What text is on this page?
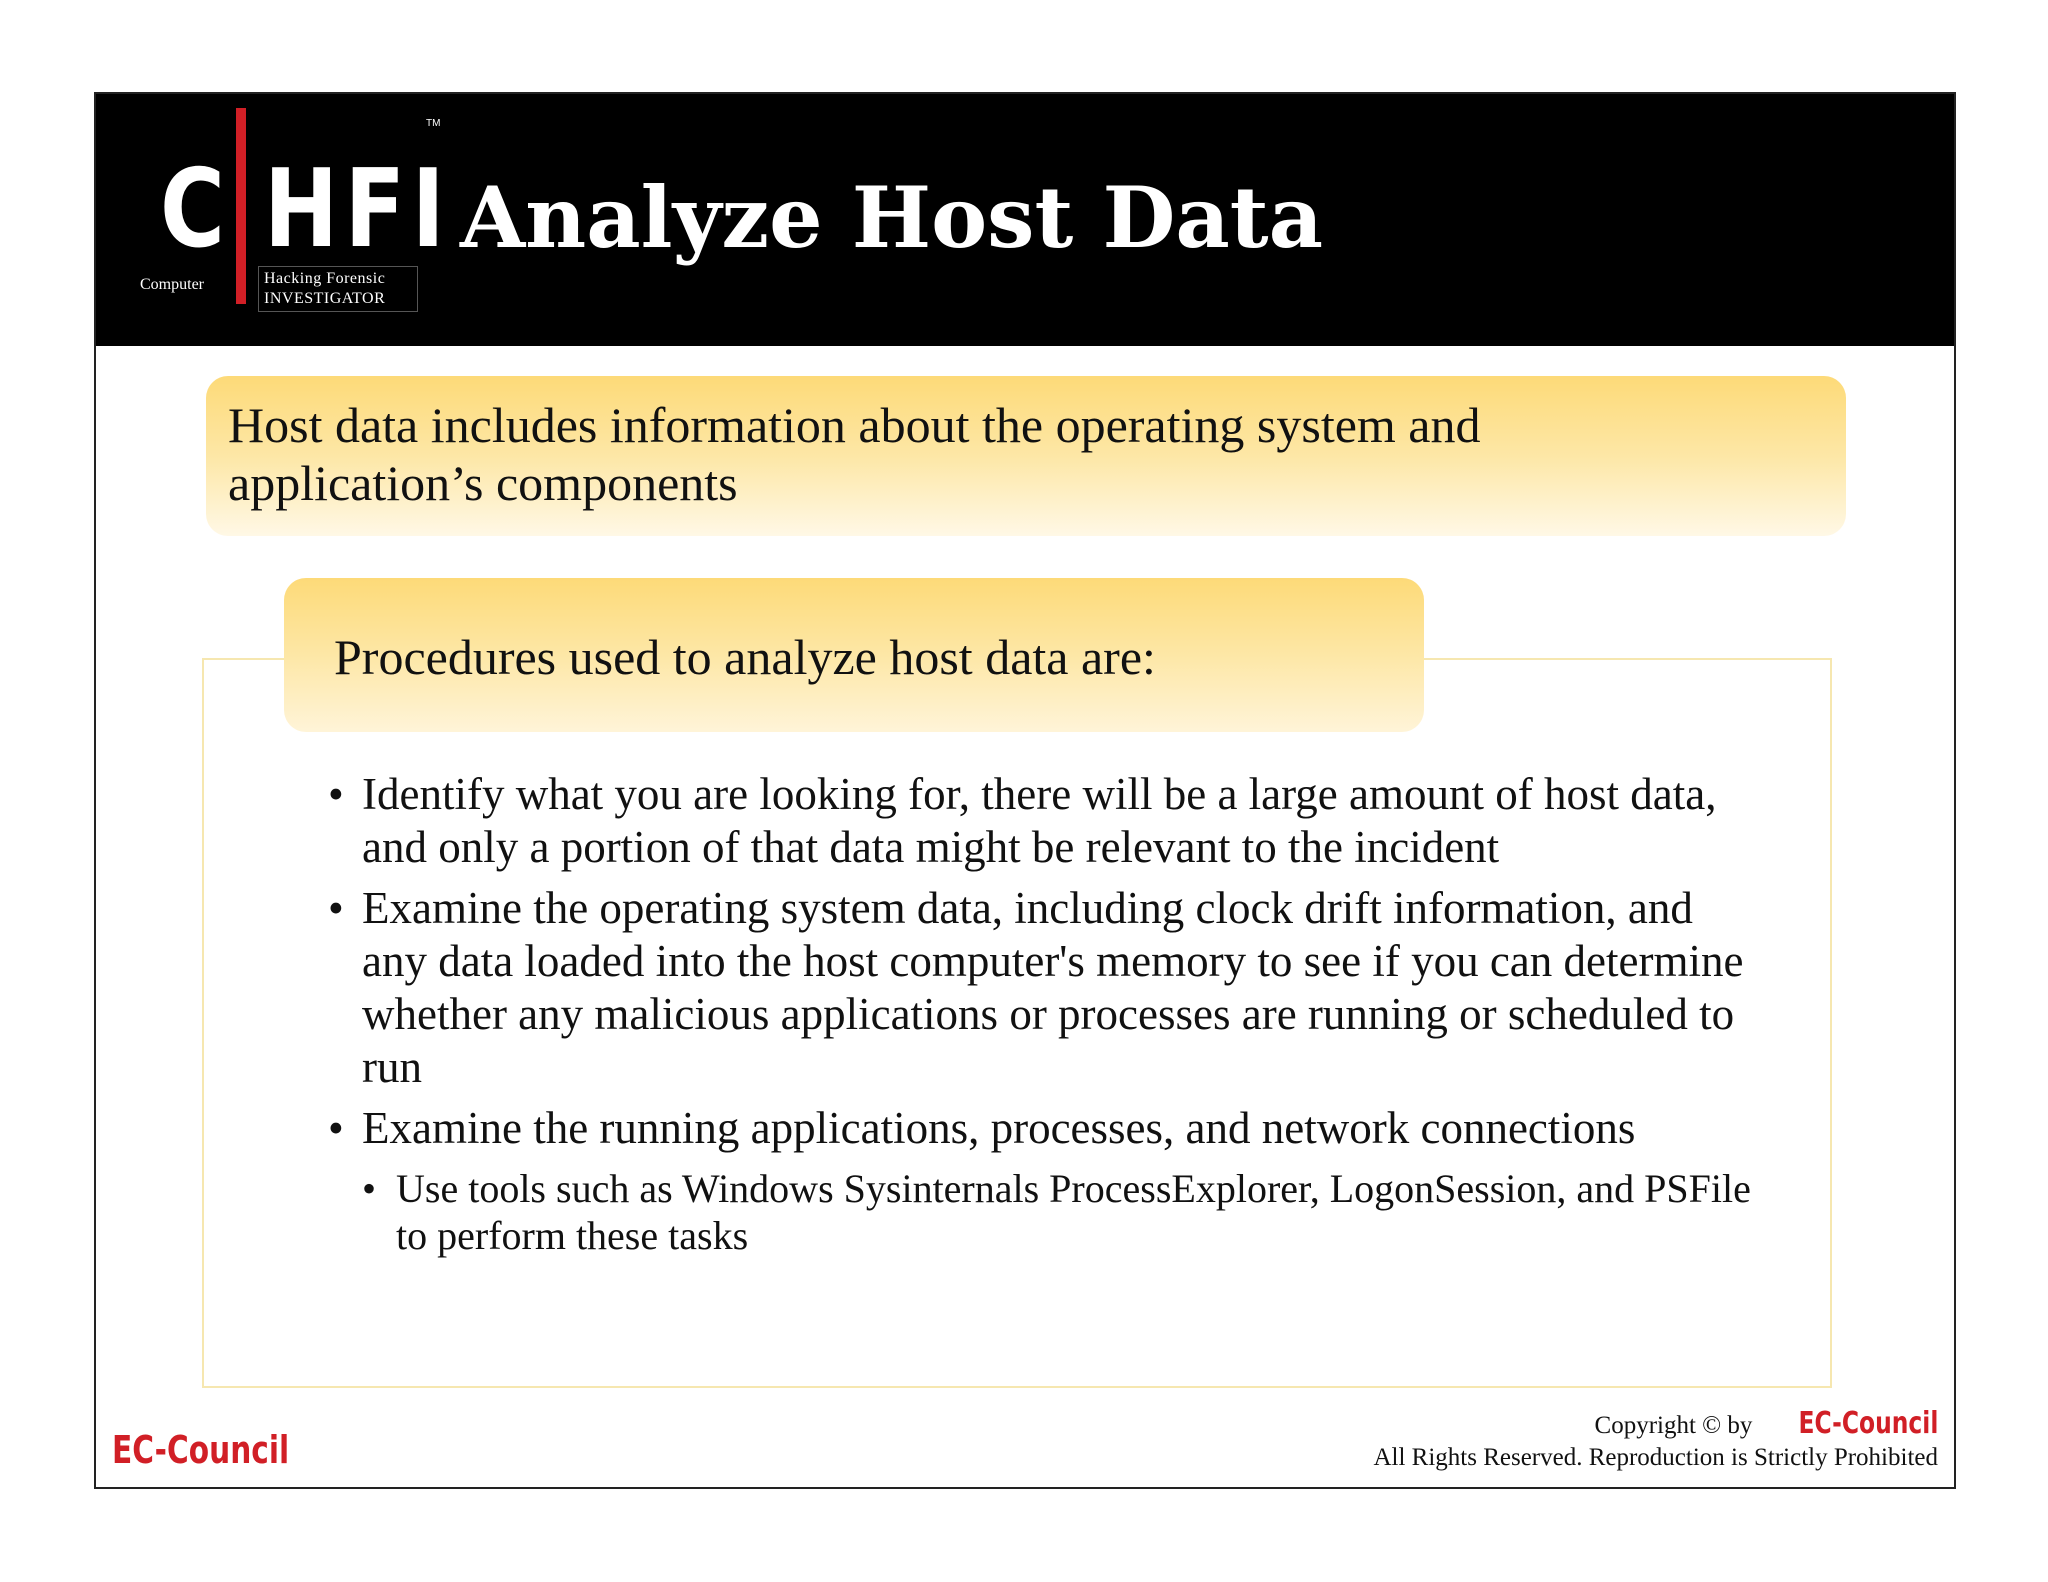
C HFI
TM
Computer	Hacking Forensic
INVESTIGATOR
Analyze Host Data

Host data includes information about the operating system and

application’s components

Procedures used to analyze host data are:

• Identify what you are looking for, there will be a large amount of host data, and only a portion of that data might be relevant to the incident
• Examine the operating system data, including clock drift information, and any data loaded into the host computer's memory to see if you can determine whether any malicious applications or processes are running or scheduled to run
• Examine the running applications, processes, and network connections
• Use tools such as Windows Sysinternals ProcessExplorer, LogonSession, and PSFile to perform these tasks
EC-Council
Copyright © by EC-Council
All Rights Reserved. Reproduction is Strictly Prohibited
